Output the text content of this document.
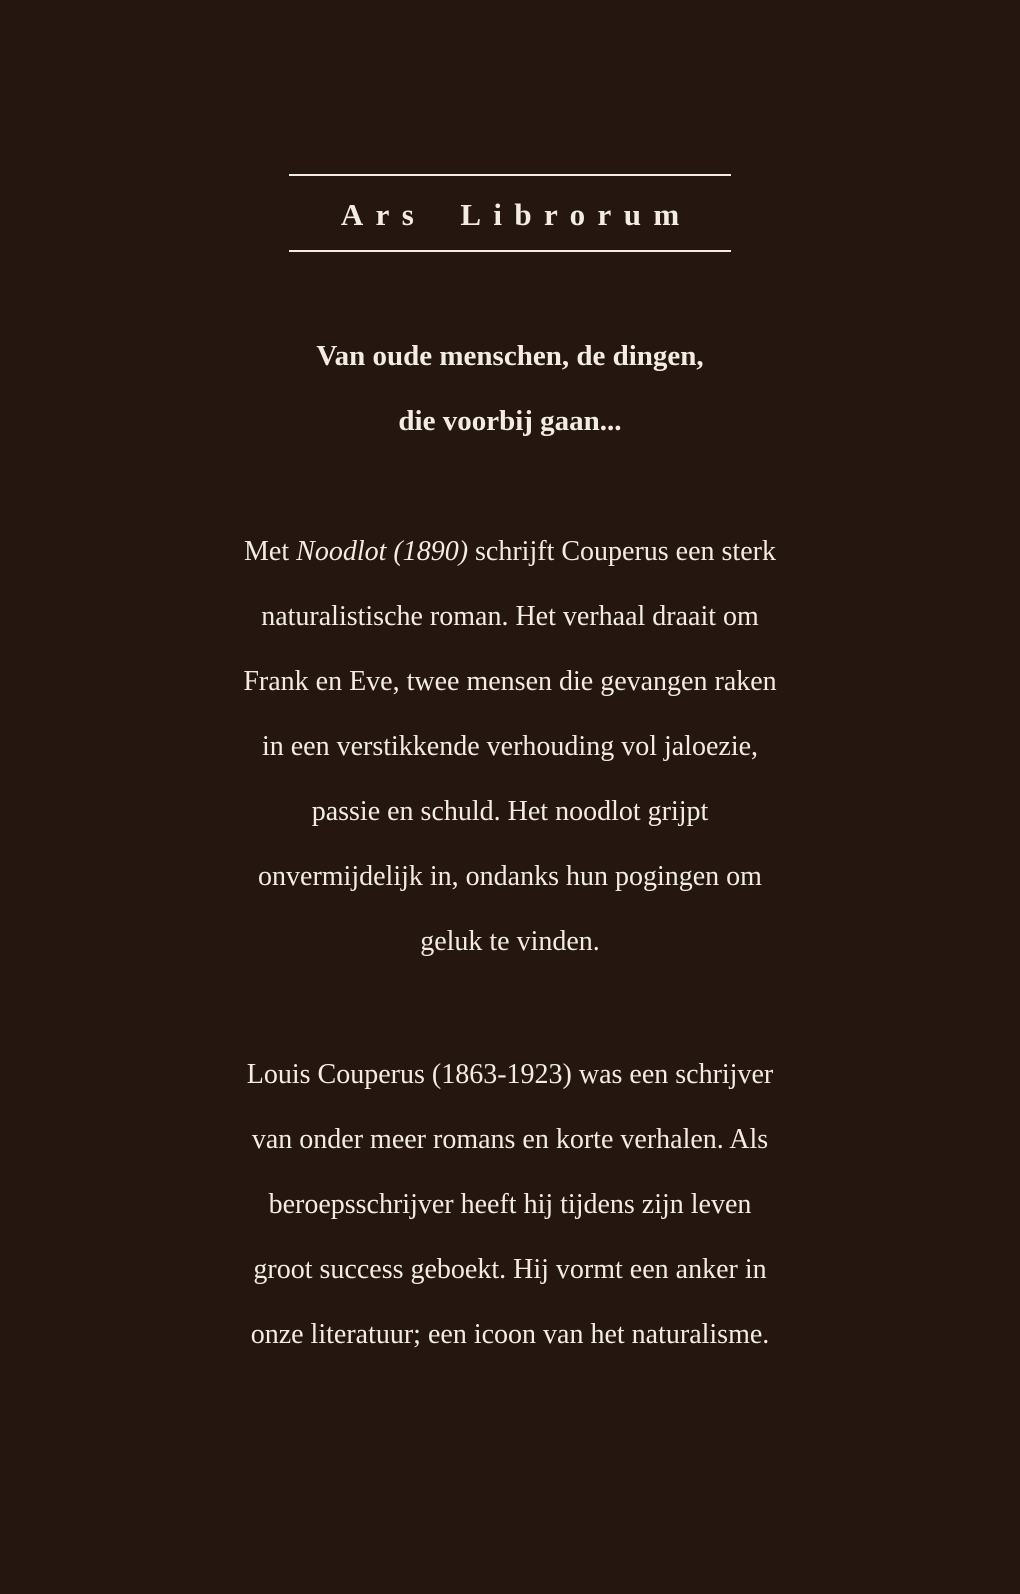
Ars Librorum
Van oude menschen, de dingen,
die voorbij gaan...
Met Noodlot (1890) schrijft Couperus een sterk
naturalistische roman. Het verhaal draait om
Frank en Eve, twee mensen die gevangen raken
in een verstikkende verhouding vol jaloezie,
passie en schuld. Het noodlot grijpt
onvermijdelijk in, ondanks hun pogingen om
geluk te vinden.
Louis Couperus (1863-1923) was een schrijver
van onder meer romans en korte verhalen. Als
beroepsschrijver heeft hij tijdens zijn leven
groot success geboekt. Hij vormt een anker in
onze literatuur; een icoon van het naturalisme.
